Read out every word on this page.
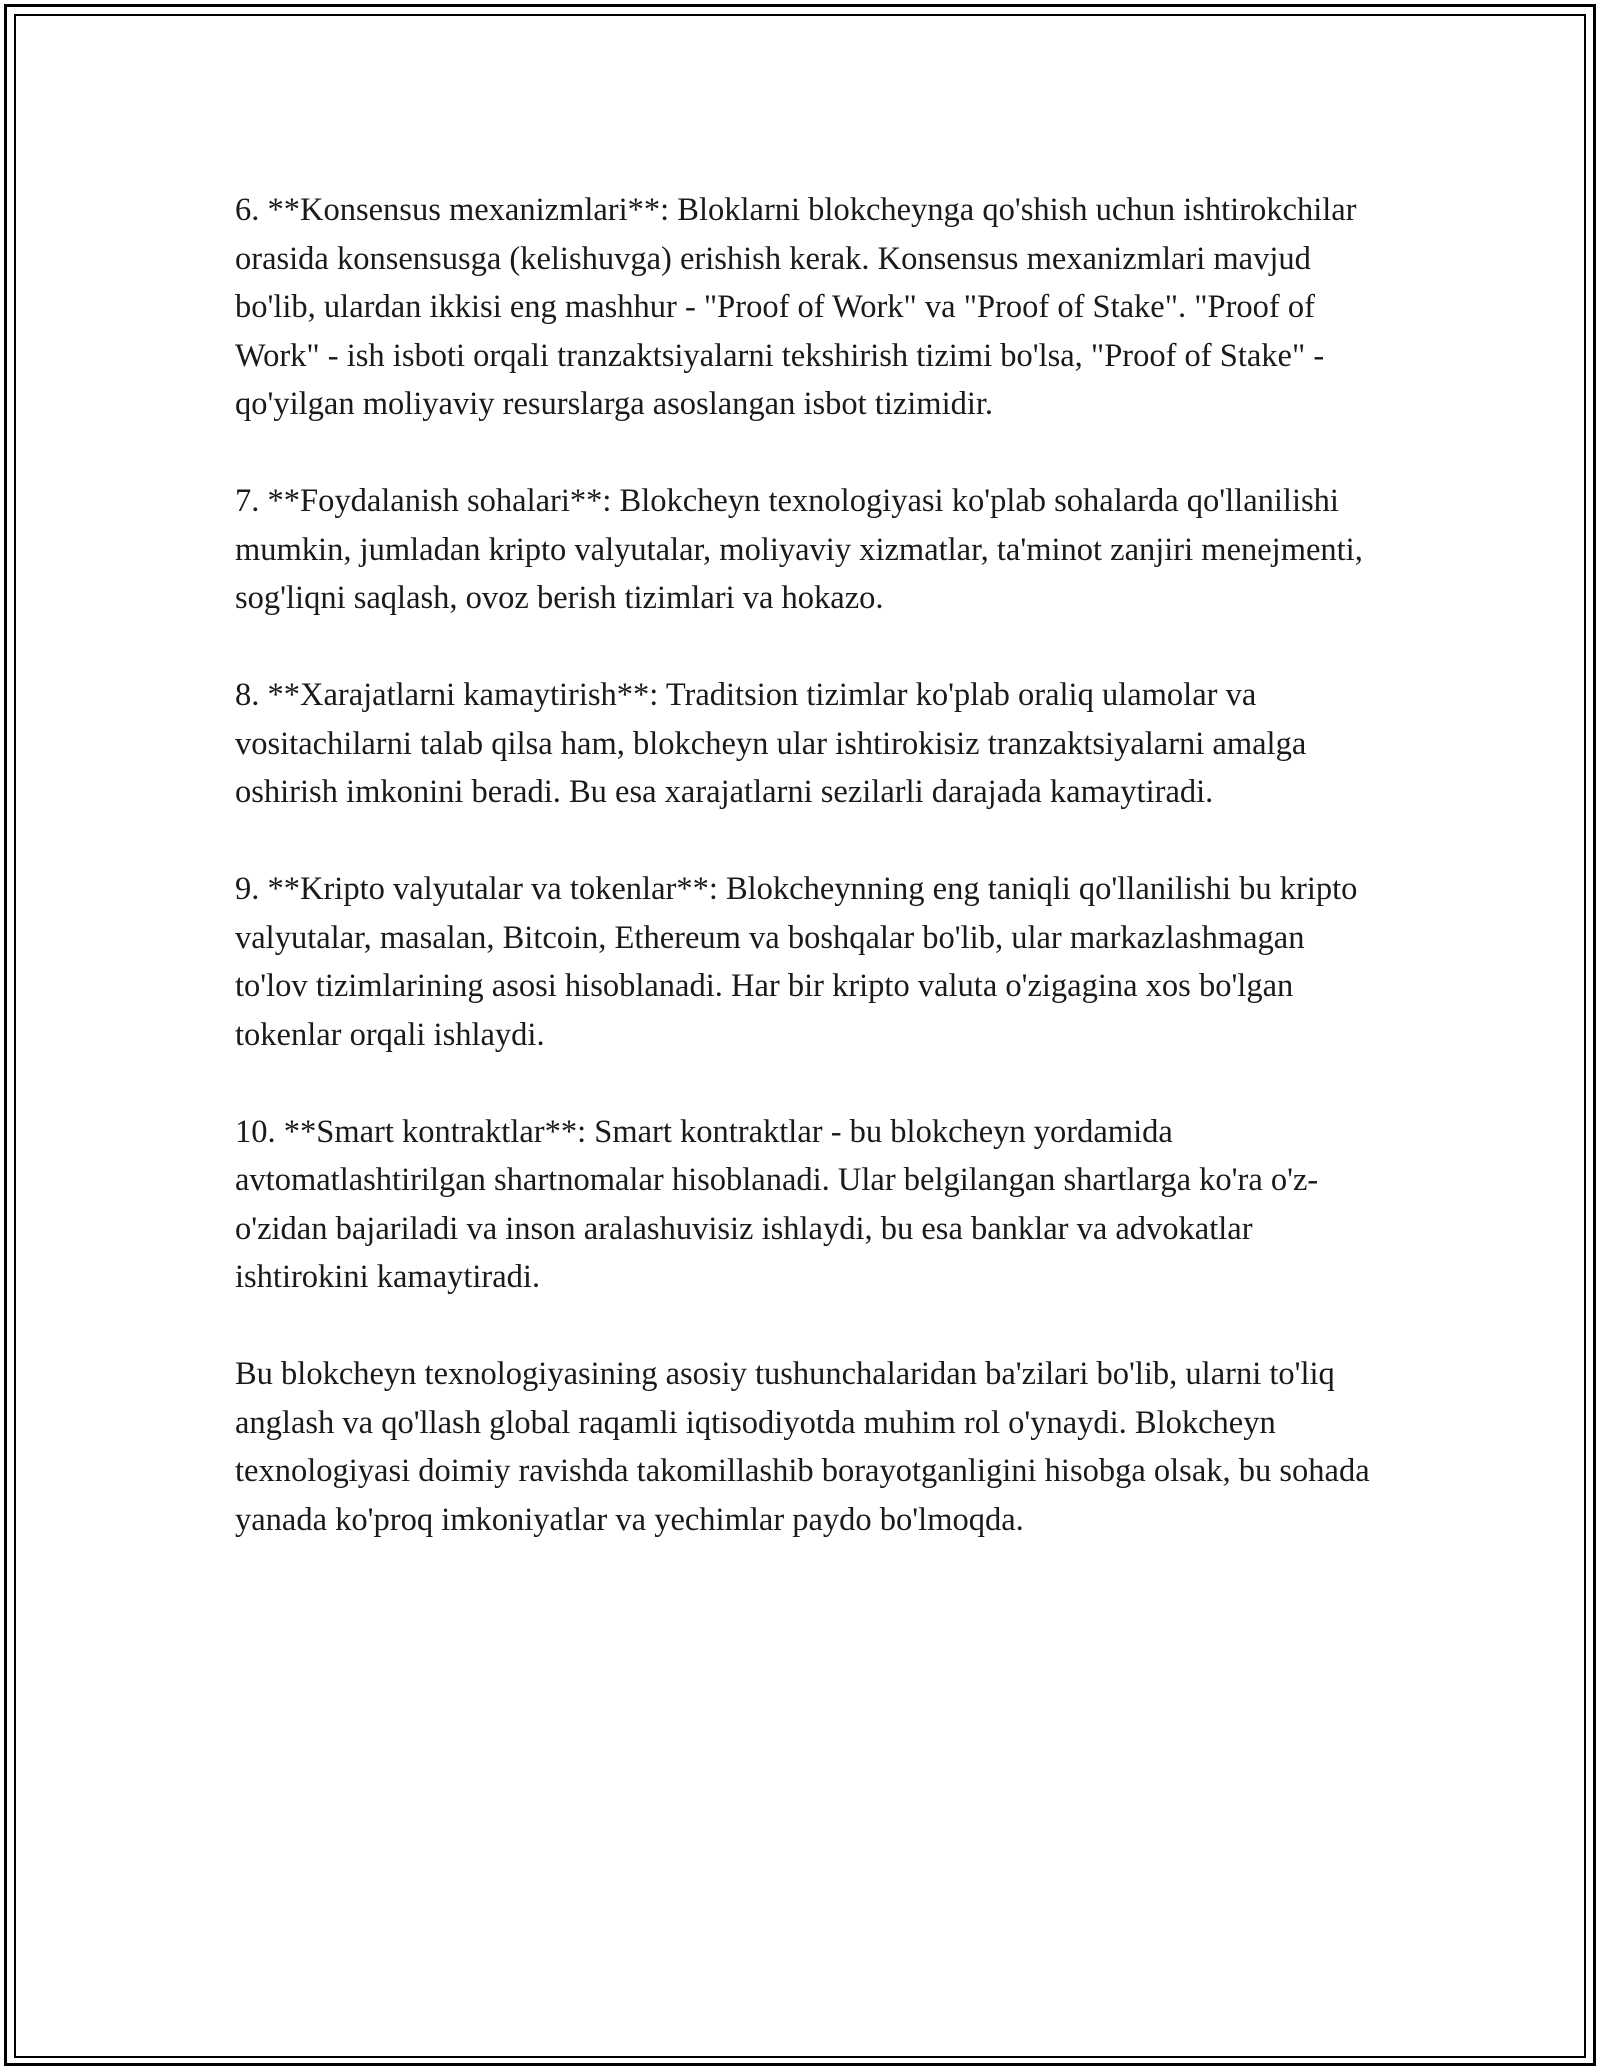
6. **Konsensus mexanizmlari**: Bloklarni blokcheynga qo'shish uchun ishtirokchilar orasida konsensusga (kelishuvga) erishish kerak. Konsensus mexanizmlari mavjud bo'lib, ulardan ikkisi eng mashhur - "Proof of Work" va "Proof of Stake". "Proof of Work" - ish isboti orqali tranzaktsiyalarni tekshirish tizimi bo'lsa, "Proof of Stake" - qo'yilgan moliyaviy resurslarga asoslangan isbot tizimidir.

7. **Foydalanish sohalari**: Blokcheyn texnologiyasi ko'plab sohalarda qo'llanilishi mumkin, jumladan kripto valyutalar, moliyaviy xizmatlar, ta'minot zanjiri menejmenti, sog'liqni saqlash, ovoz berish tizimlari va hokazo.

8. **Xarajatlarni kamaytirish**: Traditsion tizimlar ko'plab oraliq ulamolar va vositachilarni talab qilsa ham, blokcheyn ular ishtirokisiz tranzaktsiyalarni amalga oshirish imkonini beradi. Bu esa xarajatlarni sezilarli darajada kamaytiradi.

9. **Kripto valyutalar va tokenlar**: Blokcheynning eng taniqli qo'llanilishi bu kripto valyutalar, masalan, Bitcoin, Ethereum va boshqalar bo'lib, ular markazlashmagan to'lov tizimlarining asosi hisoblanadi. Har bir kripto valuta o'zigagina xos bo'lgan tokenlar orqali ishlaydi.

10. **Smart kontraktlar**: Smart kontraktlar - bu blokcheyn yordamida avtomatlashtirilgan shartnomalar hisoblanadi. Ular belgilangan shartlarga ko'ra o'z-o'zidan bajariladi va inson aralashuvisiz ishlaydi, bu esa banklar va advokatlar ishtirokini kamaytiradi.

Bu blokcheyn texnologiyasining asosiy tushunchalaridan ba'zilari bo'lib, ularni to'liq anglash va qo'llash global raqamli iqtisodiyotda muhim rol o'ynaydi. Blokcheyn texnologiyasi doimiy ravishda takomillashib borayotganligini hisobga olsak, bu sohada yanada ko'proq imkoniyatlar va yechimlar paydo bo'lmoqda.
